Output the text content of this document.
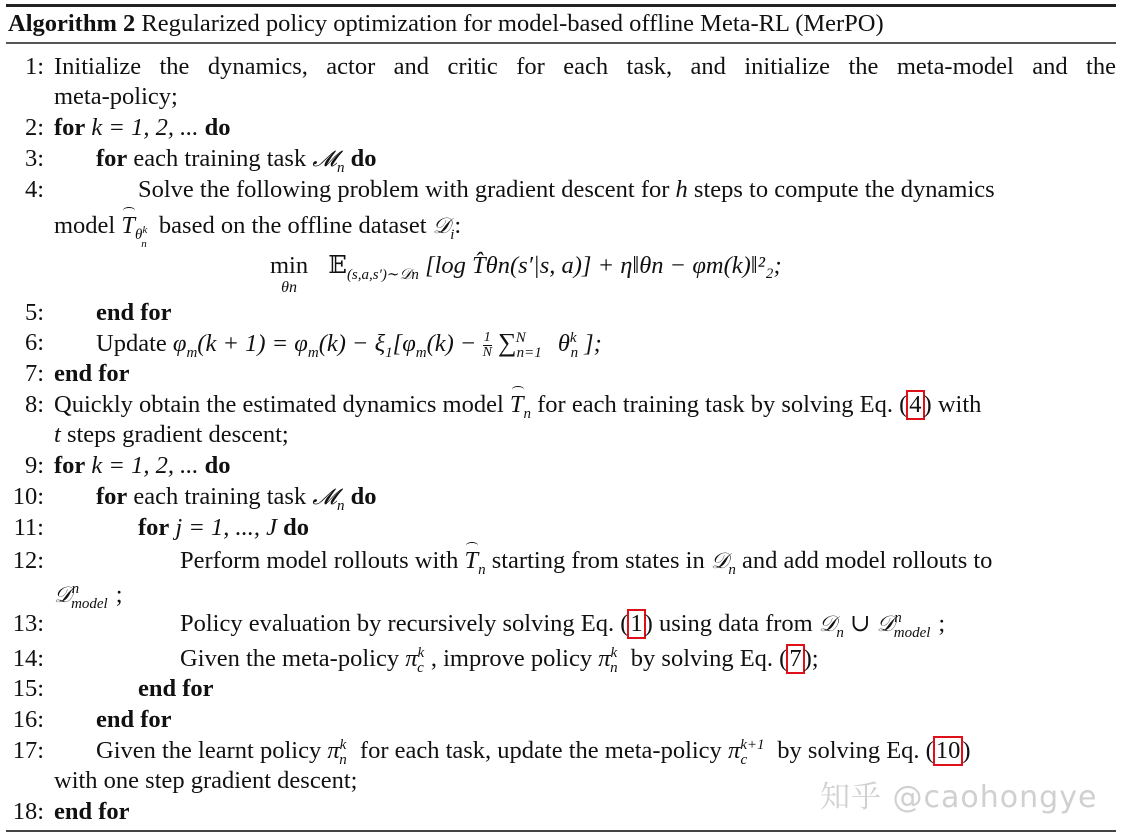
Algorithm 2 Regularized policy optimization for model-based offline Meta-RL (MerPO)
1: Initialize the dynamics, actor and critic for each task, and initialize the meta-model and the
meta-policy;
2: for k = 1, 2, ... do
3: for each training task 𝓜$_n$ do
4:	Solve the following problem with gradient descent for h steps to compute the dynamics
model $T_{\theta^k_n}$ based on the offline dataset 𝒟$_i$:
min
θn
𝔼$_{(s,a,s')\sim 𝒟n}$ [log T̂θn(s′|s, a)] + η‖θn − φm(k)‖²₂;
5: end for
6: Update $\varphi_m(k + 1) = \varphi_m(k) - \xi_1[\varphi_m(k) - \frac{1}{N} \sum_{n=1}^N$ $\theta^k_n$ ];
7: end for
8: Quickly obtain the estimated dynamics model $T_n$ for each training task by solving Eq. (4) with
t steps gradient descent;
9: for k = 1, 2, ... do
10: for each training task 𝓜$_n$ do
11:	for j = 1, ..., J do
12:	Perform model rollouts with $T_n$ starting from states in 𝒟$_n$ and add model rollouts to
𝒟$^n_{model}$ ;
13:	Policy evaluation by recursively solving Eq. (1) using data from 𝒟$_n$ ∪ 𝒟$^n_{model}$ ;
14:	Given the meta-policy $\pi^k_c$ , improve policy $\pi^k_n$ by solving Eq. (7);
15:	end for
16: end for
17: Given the learnt policy $\pi^k_n$ for each task, update the meta-policy $\pi^{k+1}_c$ by solving Eq. (10)
with one step gradient descent;
18: end for	知乎 @caohongye
